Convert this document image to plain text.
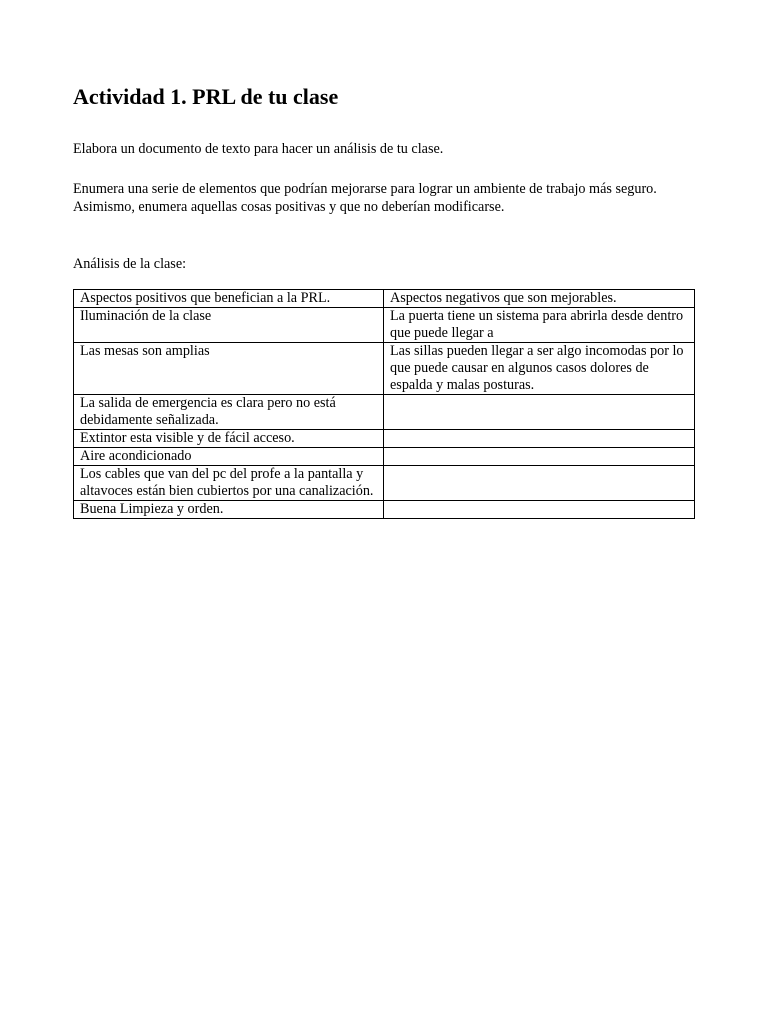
Actividad 1. PRL de tu clase

Elabora un documento de texto para hacer un análisis de tu clase.

Enumera una serie de elementos que podrían mejorarse para lograr un ambiente de trabajo más seguro. Asimismo, enumera aquellas cosas positivas y que no deberían modificarse.

Análisis de la clase:

Aspectos positivos que benefician a la PRL.	Aspectos negativos que son mejorables.
Iluminación de la clase	La puerta tiene un sistema para abrirla desde dentro que puede llegar a
Las mesas son amplias	Las sillas pueden llegar a ser algo incomodas por lo que puede causar en algunos casos dolores de espalda y malas posturas.
La salida de emergencia es clara pero no está debidamente señalizada.	
Extintor esta visible y de fácil acceso.	
Aire acondicionado	
Los cables que van del pc del profe a la pantalla y altavoces están bien cubiertos por una canalización.	
Buena Limpieza y orden.	
